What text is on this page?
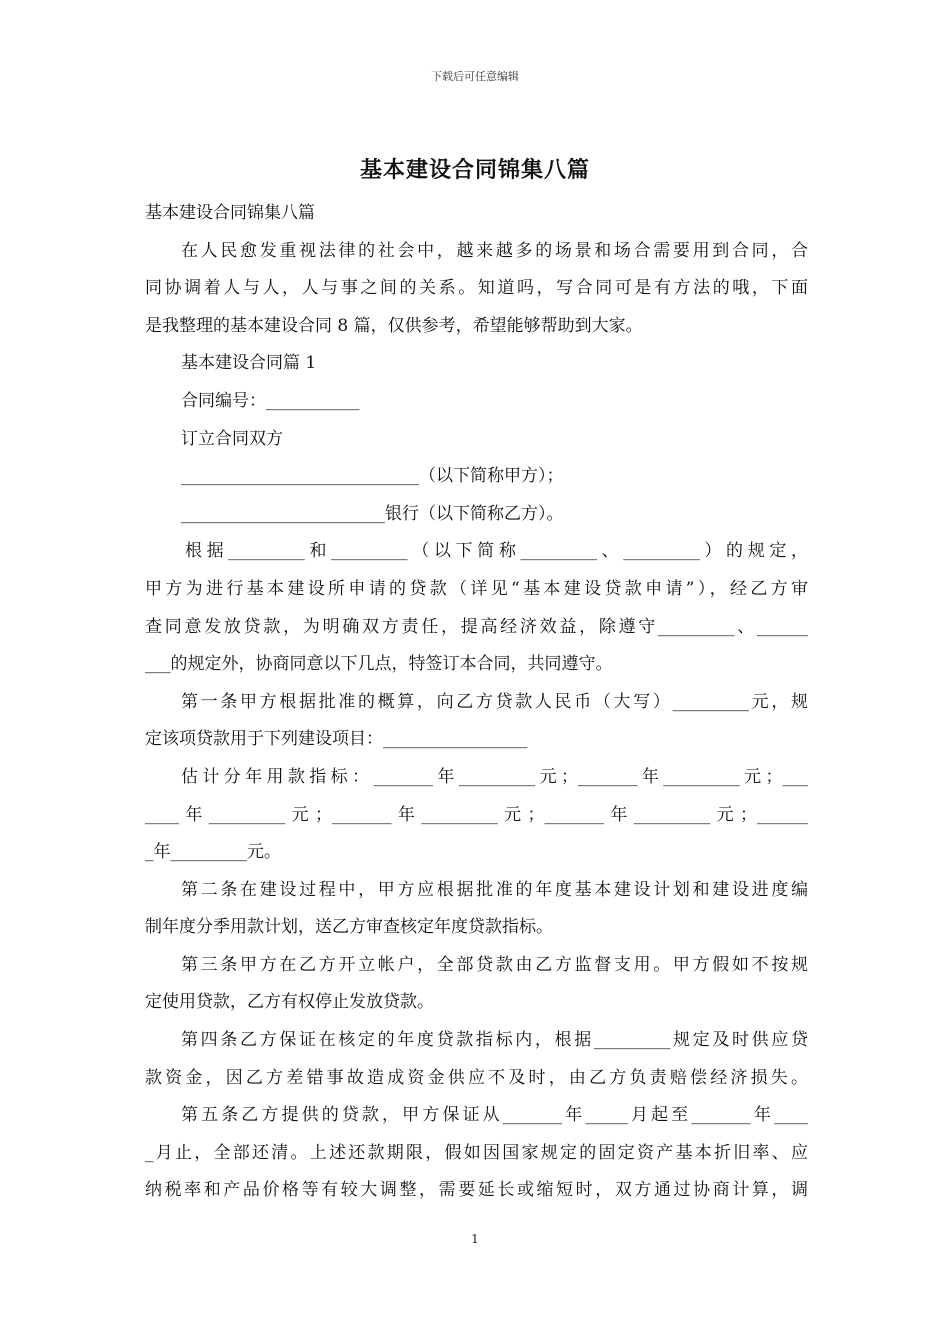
下载后可任意编辑
基本建设合同锦集八篇
基本建设合同锦集八篇
在人民愈发重视法律的社会中，越来越多的场景和场合需要用到合同，合
同协调着人与人，人与事之间的关系。知道吗，写合同可是有方法的哦，下面
是我整理的基本建设合同 8 篇，仅供参考，希望能够帮助到大家。
基本建设合同篇 1
合同编号：___________
订立合同双方
____________________________（以下简称甲方）；
________________________银行（以下简称乙方）。
根据_________和_________（以下简称_________、_________）的规定，
甲方为进行基本建设所申请的贷款（详见“基本建设贷款申请”），经乙方审
查同意发放贷款，为明确双方责任，提高经济效益，除遵守_________、______
___的规定外，协商同意以下几点，特签订本合同，共同遵守。
第一条甲方根据批准的概算，向乙方贷款人民币（大写）_________元，规
定该项贷款用于下列建设项目：_________________
估计分年用款指标：_______年_________元；_______年_________元；___
____年_________元；_______年_________元；_______年_________元；______
_年_________元。
第二条在建设过程中，甲方应根据批准的年度基本建设计划和建设进度编
制年度分季用款计划，送乙方审查核定年度贷款指标。
第三条甲方在乙方开立帐户，全部贷款由乙方监督支用。甲方假如不按规
定使用贷款，乙方有权停止发放贷款。
第四条乙方保证在核定的年度贷款指标内，根据_________规定及时供应贷
款资金，因乙方差错事故造成资金供应不及时，由乙方负责赔偿经济损失。
第五条乙方提供的贷款，甲方保证从_______年_____月起至_______年____
_月止，全部还清。上述还款期限，假如因国家规定的固定资产基本折旧率、应
纳税率和产品价格等有较大调整，需要延长或缩短时，双方通过协商计算，调
1
